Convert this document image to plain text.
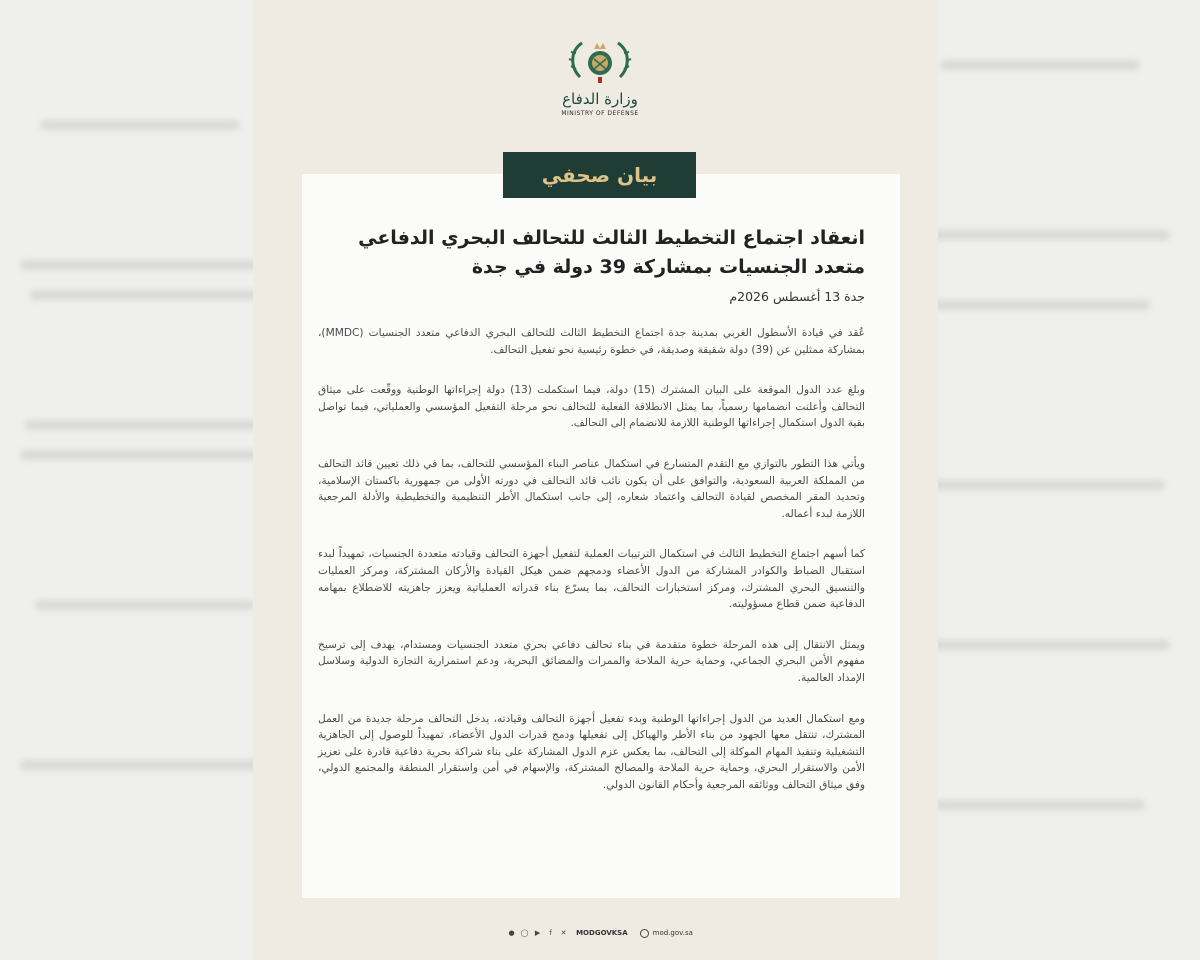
وزارة الدفاع
MINISTRY OF DEFENSE
بيان صحفي
انعقاد اجتماع التخطيط الثالث للتحالف البحري الدفاعي متعدد الجنسيات بمشاركة 39 دولة في جدة
جدة 13 أغسطس 2026م

عُقد في قيادة الأسطول الغربي بمدينة جدة اجتماع التخطيط الثالث للتحالف البحري الدفاعي متعدد الجنسيات (MMDC)، بمشاركة ممثلين عن (39) دولة شقيقة وصديقة، في خطوة رئيسية نحو تفعيل التحالف.

وبلغ عدد الدول الموقعة على البيان المشترك (15) دولة، فيما استكملت (13) دولة إجراءاتها الوطنية ووقّعت على ميثاق التحالف وأعلنت انضمامها رسمياً، بما يمثل الانطلاقة الفعلية للتحالف نحو مرحلة التفعيل المؤسسي والعملياتي، فيما تواصل بقية الدول استكمال إجراءاتها الوطنية اللازمة للانضمام إلى التحالف.

ويأتي هذا التطور بالتوازي مع التقدم المتسارع في استكمال عناصر البناء المؤسسي للتحالف، بما في ذلك تعيين قائد التحالف من المملكة العربية السعودية، والتوافق على أن يكون نائب قائد التحالف في دورته الأولى من جمهورية باكستان الإسلامية، وتحديد المقر المخصص لقيادة التحالف واعتماد شعاره، إلى جانب استكمال الأطر التنظيمية والتخطيطية والأدلة المرجعية اللازمة لبدء أعماله.

كما أسهم اجتماع التخطيط الثالث في استكمال الترتيبات العملية لتفعيل أجهزة التحالف وقيادته متعددة الجنسيات، تمهيداً لبدء استقبال الضباط والكوادر المشاركة من الدول الأعضاء ودمجهم ضمن هيكل القيادة والأركان المشتركة، ومركز العمليات والتنسيق البحري المشترك، ومركز استخبارات التحالف، بما يسرّع بناء قدراته العملياتية ويعزز جاهزيته للاضطلاع بمهامه الدفاعية ضمن قطاع مسؤوليته.

ويمثل الانتقال إلى هذه المرحلة خطوة متقدمة في بناء تحالف دفاعي بحري متعدد الجنسيات ومستدام، يهدف إلى ترسيخ مفهوم الأمن البحري الجماعي، وحماية حرية الملاحة والممرات والمضائق البحرية، ودعم استمرارية التجارة الدولية وسلاسل الإمداد العالمية.

ومع استكمال العديد من الدول إجراءاتها الوطنية وبدء تفعيل أجهزة التحالف وقيادته، يدخل التحالف مرحلة جديدة من العمل المشترك، تنتقل معها الجهود من بناء الأطر والهياكل إلى تفعيلها ودمج قدرات الدول الأعضاء، تمهيداً للوصول إلى الجاهزية التشغيلية وتنفيذ المهام الموكلة إلى التحالف، بما يعكس عزم الدول المشاركة على بناء شراكة بحرية دفاعية قادرة على تعزيز الأمن والاستقرار البحري، وحماية حرية الملاحة والمصالح المشتركة، والإسهام في أمن واستقرار المنطقة والمجتمع الدولي، وفق ميثاق التحالف ووثائقه المرجعية وأحكام القانون الدولي.

● ◯ ▶	f	✕ MODGOVKSA	mod.gov.sa
